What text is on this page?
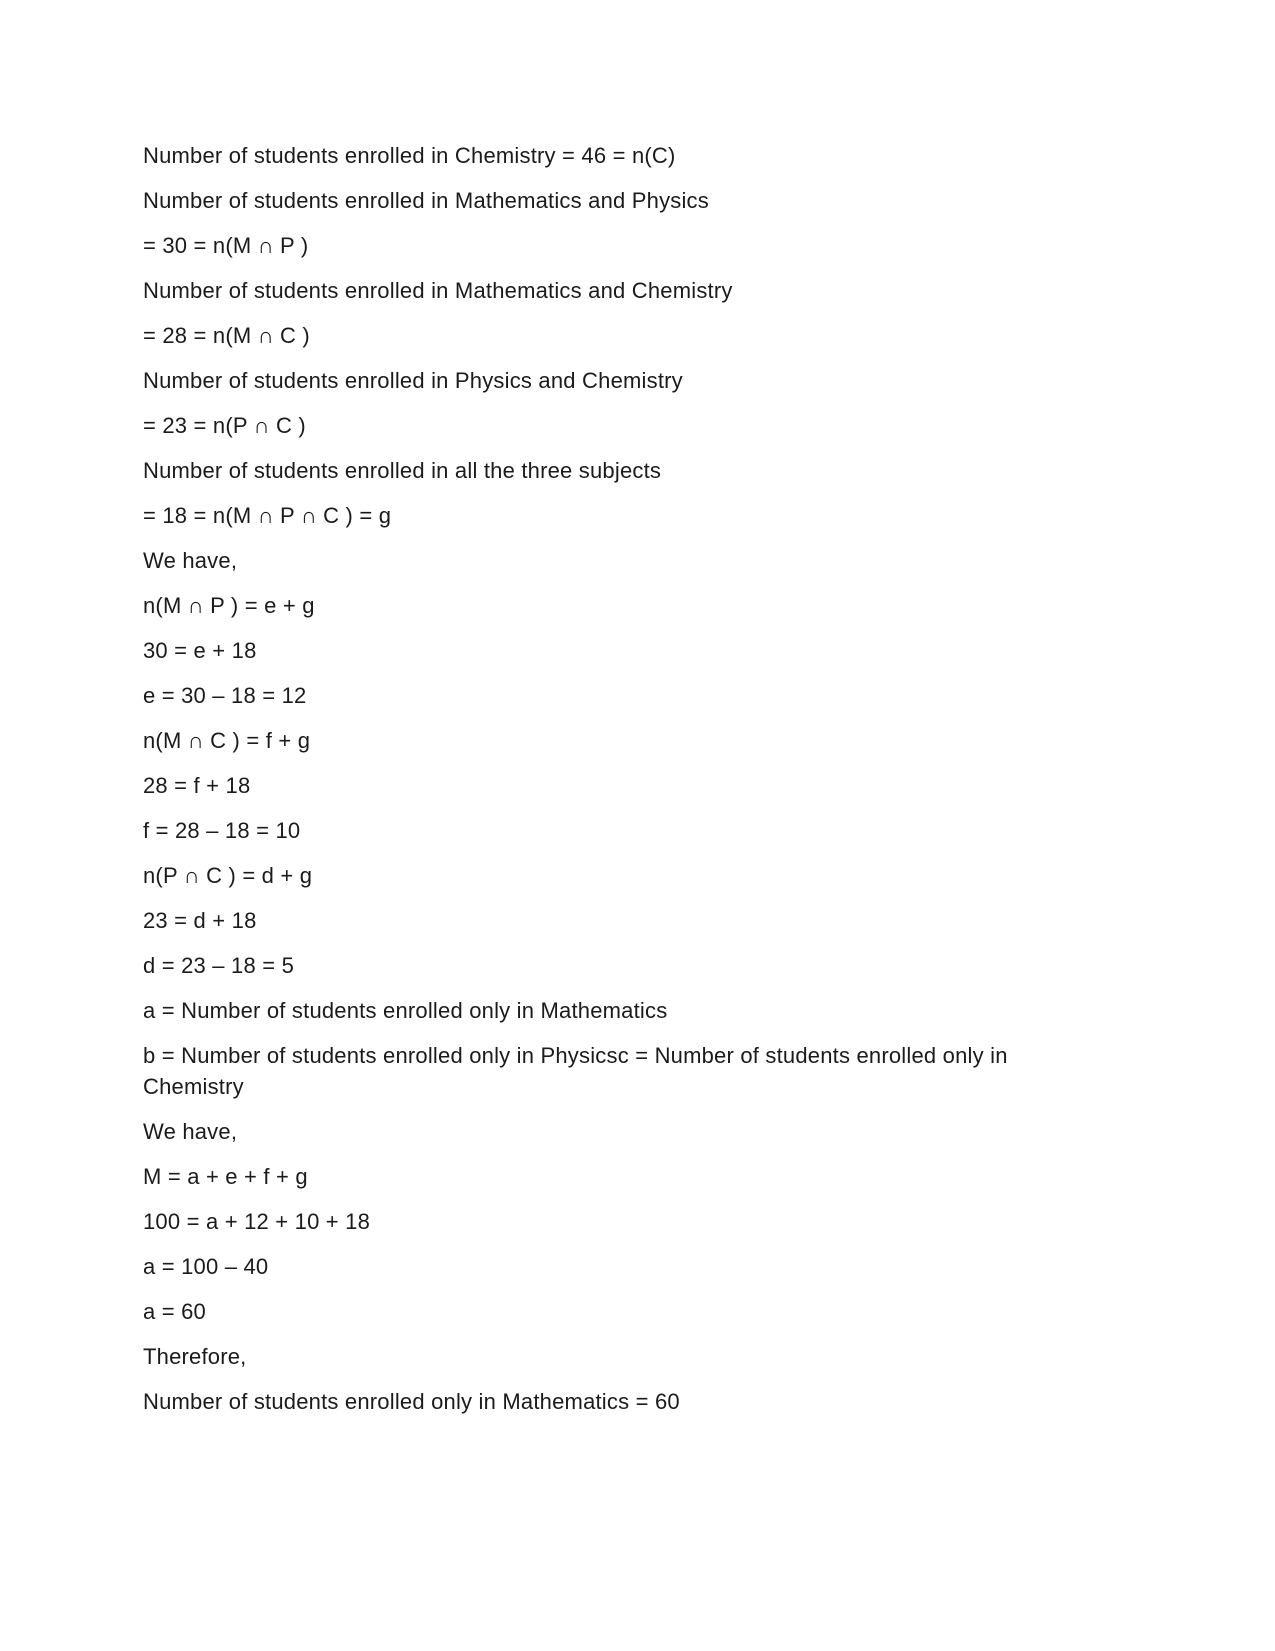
Number of students enrolled in Chemistry = 46 = n(C)

Number of students enrolled in Mathematics and Physics

= 30 = n(M ∩ P )

Number of students enrolled in Mathematics and Chemistry

= 28 = n(M ∩ C )

Number of students enrolled in Physics and Chemistry

= 23 = n(P ∩ C )

Number of students enrolled in all the three subjects

= 18 = n(M ∩ P ∩ C ) = g

We have,

n(M ∩ P ) = e + g

30 = e + 18

e = 30 – 18 = 12

n(M ∩ C ) = f + g

28 = f + 18

f = 28 – 18 = 10

n(P ∩ C ) = d + g

23 = d + 18

d = 23 – 18 = 5

a = Number of students enrolled only in Mathematics

b = Number of students enrolled only in Physicsc = Number of students enrolled only in Chemistry

We have,

M = a + e + f + g

100 = a + 12 + 10 + 18

a = 100 – 40

a = 60

Therefore,

Number of students enrolled only in Mathematics = 60
